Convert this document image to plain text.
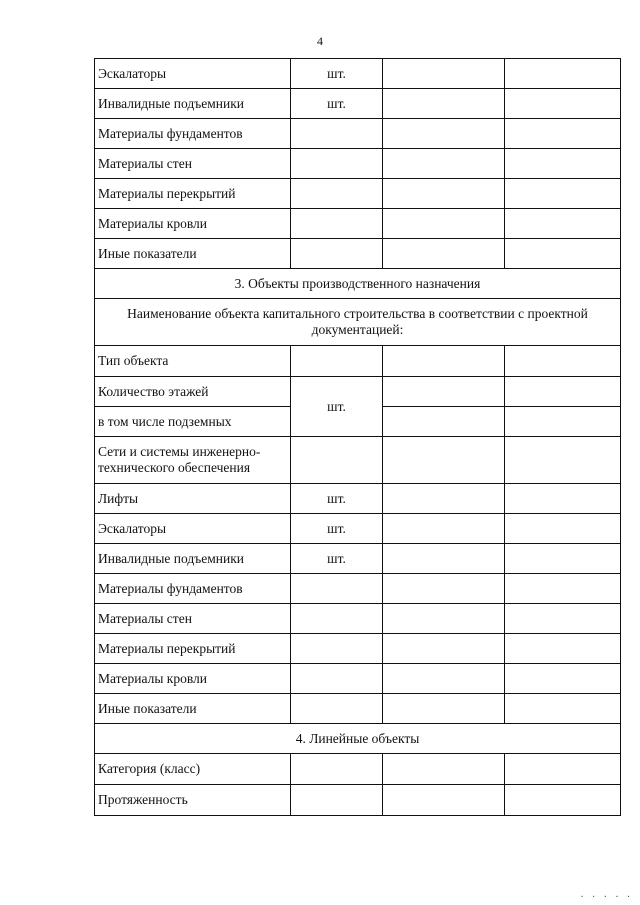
4
Эскалаторы	шт.		
Инвалидные подъемники	шт.		
Материалы фундаментов			
Материалы стен			
Материалы перекрытий			
Материалы кровли			
Иные показатели			
3. Объекты производственного назначения			
Наименование объекта капитального строительства в соответствии с проектной документацией:			
Тип объекта			
Количество этажей	шт.		
в том числе подземных			
Сети и системы инженерно-технического обеспечения			
Лифты	шт.		
Эскалаторы	шт.		
Инвалидные подъемники	шт.		
Материалы фундаментов			
Материалы стен			
Материалы перекрытий			
Материалы кровли			
Иные показатели			
4. Линейные объекты			
Категория (класс)			
Протяженность			
. . . . .
